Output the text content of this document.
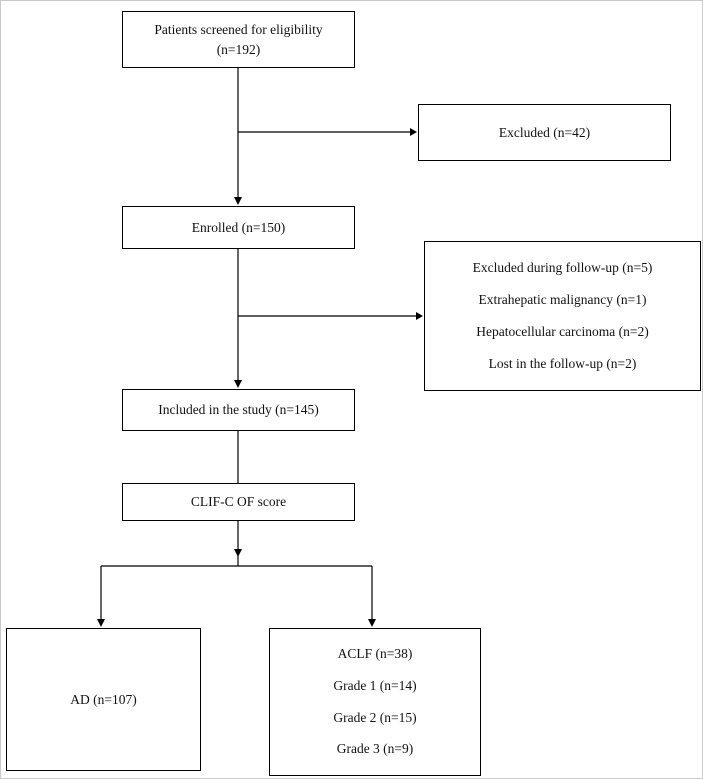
Patients screened for eligibility
(n=192)
Excluded (n=42)
Enrolled (n=150)
Excluded during follow-up (n=5)
Extrahepatic malignancy (n=1)
Hepatocellular carcinoma (n=2)
Lost in the follow-up (n=2)
Included in the study (n=145)
CLIF-C OF score
AD (n=107)
ACLF (n=38)
Grade 1 (n=14)
Grade 2 (n=15)
Grade 3 (n=9)
